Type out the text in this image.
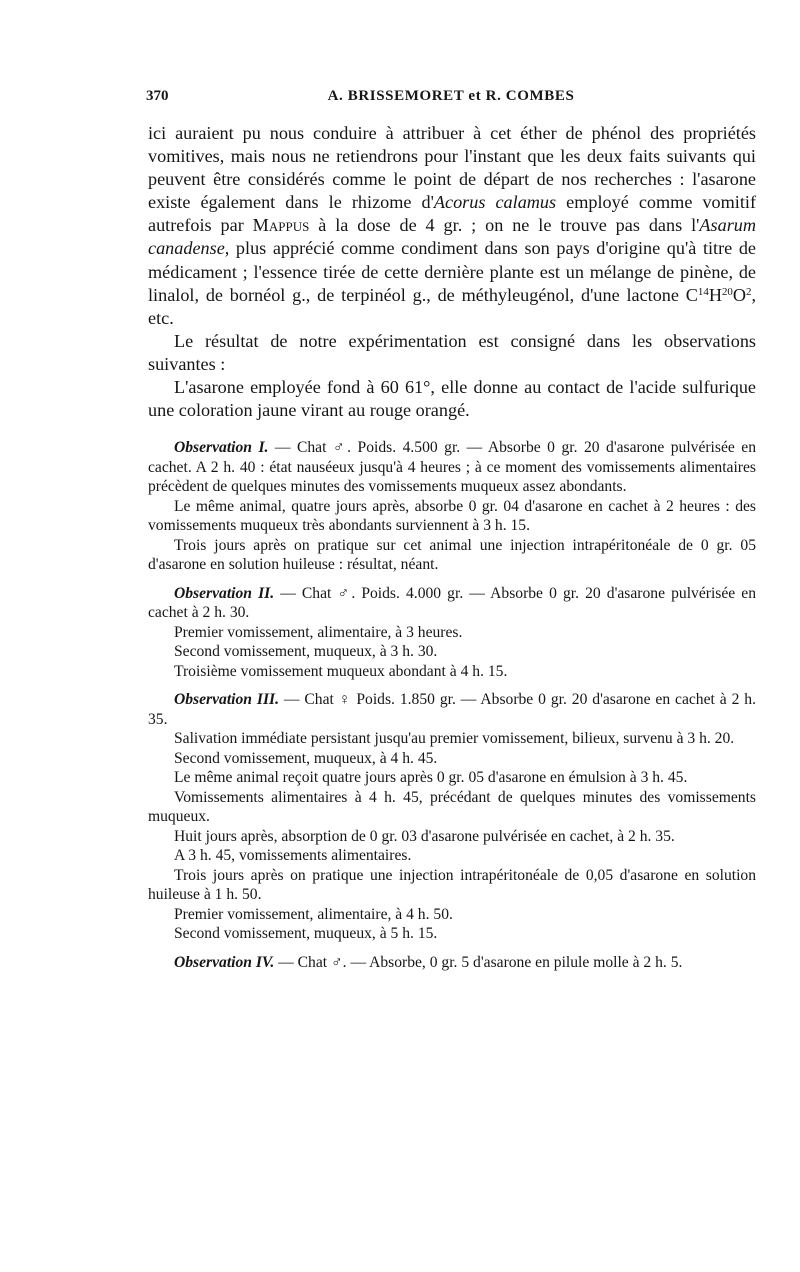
370	A. BRISSEMORET et R. COMBES

ici auraient pu nous conduire à attribuer à cet éther de phénol des propriétés vomitives, mais nous ne retiendrons pour l'instant que les deux faits suivants qui peuvent être considérés comme le point de départ de nos recherches : l'asarone existe également dans le rhizome d'Acorus calamus employé comme vomitif autrefois par Mappus à la dose de 4 gr. ; on ne le trouve pas dans l'Asarum canadense, plus apprécié comme condiment dans son pays d'origine qu'à titre de médicament ; l'essence tirée de cette dernière plante est un mélange de pinène, de linalol, de bornéol g., de terpinéol g., de méthyleugénol, d'une lactone $C^{14}H^{20}O^2$, etc.

Le résultat de notre expérimentation est consigné dans les observations suivantes :

L'asarone employée fond à 60 61°, elle donne au contact de l'acide sulfurique une coloration jaune virant au rouge orangé.

Observation I. — Chat ♂. Poids. 4.500 gr. — Absorbe 0 gr. 20 d'asarone pulvérisée en cachet. A 2 h. 40 : état nauséeux jusqu'à 4 heures ; à ce moment des vomissements alimentaires précèdent de quelques minutes des vomissements muqueux assez abondants.

Le même animal, quatre jours après, absorbe 0 gr. 04 d'asarone en cachet à 2 heures : des vomissements muqueux très abondants surviennent à 3 h. 15.

Trois jours après on pratique sur cet animal une injection intrapéritonéale de 0 gr. 05 d'asarone en solution huileuse : résultat, néant.

Observation II. — Chat ♂. Poids. 4.000 gr. — Absorbe 0 gr. 20 d'asarone pulvérisée en cachet à 2 h. 30.

Premier vomissement, alimentaire, à 3 heures.

Second vomissement, muqueux, à 3 h. 30.

Troisième vomissement muqueux abondant à 4 h. 15.

Observation III. — Chat ♀ Poids. 1.850 gr. — Absorbe 0 gr. 20 d'asarone en cachet à 2 h. 35.

Salivation immédiate persistant jusqu'au premier vomissement, bilieux, survenu à 3 h. 20.

Second vomissement, muqueux, à 4 h. 45.

Le même animal reçoit quatre jours après 0 gr. 05 d'asarone en émulsion à 3 h. 45.

Vomissements alimentaires à 4 h. 45, précédant de quelques minutes des vomissements muqueux.

Huit jours après, absorption de 0 gr. 03 d'asarone pulvérisée en cachet, à 2 h. 35.

A 3 h. 45, vomissements alimentaires.

Trois jours après on pratique une injection intrapéritonéale de 0,05 d'asarone en solution huileuse à 1 h. 50.

Premier vomissement, alimentaire, à 4 h. 50.

Second vomissement, muqueux, à 5 h. 15.

Observation IV. — Chat ♂. — Absorbe, 0 gr. 5 d'asarone en pilule molle à 2 h. 5.
